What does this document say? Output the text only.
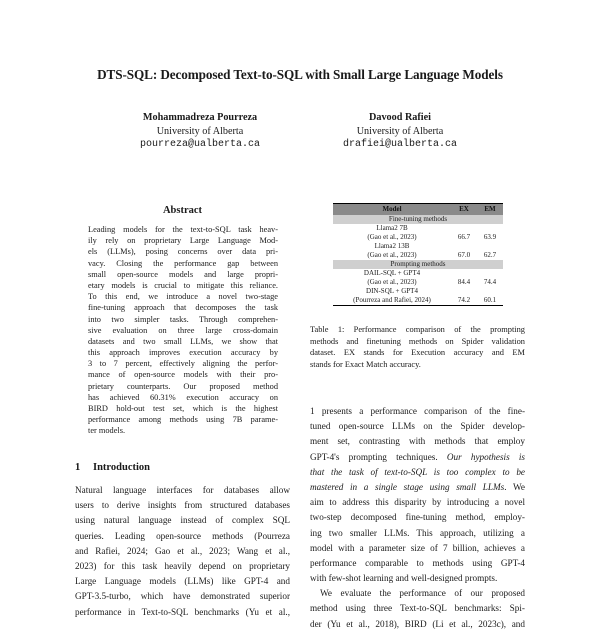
DTS-SQL: Decomposed Text-to-SQL with Small Large Language Models
Mohammadreza Pourreza
University of Alberta
pourreza@ualberta.ca
Davood Rafiei
University of Alberta
drafiei@ualberta.ca
Abstract
Leading models for the text-to-SQL task heav-
ily rely on proprietary Large Language Mod-
els (LLMs), posing concerns over data pri-
vacy. Closing the performance gap between
small open-source models and large propri-
etary models is crucial to mitigate this reliance.
To this end, we introduce a novel two-stage
fine-tuning approach that decomposes the task
into two simpler tasks. Through comprehen-
sive evaluation on three large cross-domain
datasets and two small LLMs, we show that
this approach improves execution accuracy by
3 to 7 percent, effectively aligning the perfor-
mance of open-source models with their pro-
prietary counterparts. Our proposed method
has achieved 60.31% execution accuracy on
BIRD hold-out test set, which is the highest
performance among methods using 7B parame-
ter models.
1 Introduction
Natural language interfaces for databases allow
users to derive insights from structured databases
using natural language instead of complex SQL
queries. Leading open-source methods (Pourreza
and Rafiei, 2024; Gao et al., 2023; Wang et al.,
2023) for this task heavily depend on proprietary
Large Language models (LLMs) like GPT-4 and
GPT-3.5-turbo, which have demonstrated superior
performance in Text-to-SQL benchmarks (Yu et al.,
Model	EX	EM
Fine-tuning methods		

Llama2 7B
(Gao et al., 2023)	66.7	63.9

Llama2 13B
(Gao et al., 2023)	67.0	62.7
Prompting methods		

DAIL-SQL + GPT4
(Gao et al., 2023)	84.4	74.4

DIN-SQL + GPT4
(Pourreza and Rafiei, 2024)	74.2	60.1
Table 1: Performance comparison of the prompting
methods and finetuning methods on Spider validation
dataset. EX stands for Execution accuracy and EM
stands for Exact Match accuracy.
1 presents a performance comparison of the fine-
tuned open-source LLMs on the Spider develop-
ment set, contrasting with methods that employ
GPT-4's prompting techniques. Our hypothesis is
that the task of text-to-SQL is too complex to be
mastered in a single stage using small LLMs. We
aim to address this disparity by introducing a novel
two-step decomposed fine-tuning method, employ-
ing two smaller LLMs. This approach, utilizing a
model with a parameter size of 7 billion, achieves a
performance comparable to methods using GPT-4
with few-shot learning and well-designed prompts.
We evaluate the performance of our proposed
method using three Text-to-SQL benchmarks: Spi-
der (Yu et al., 2018), BIRD (Li et al., 2023c), and
